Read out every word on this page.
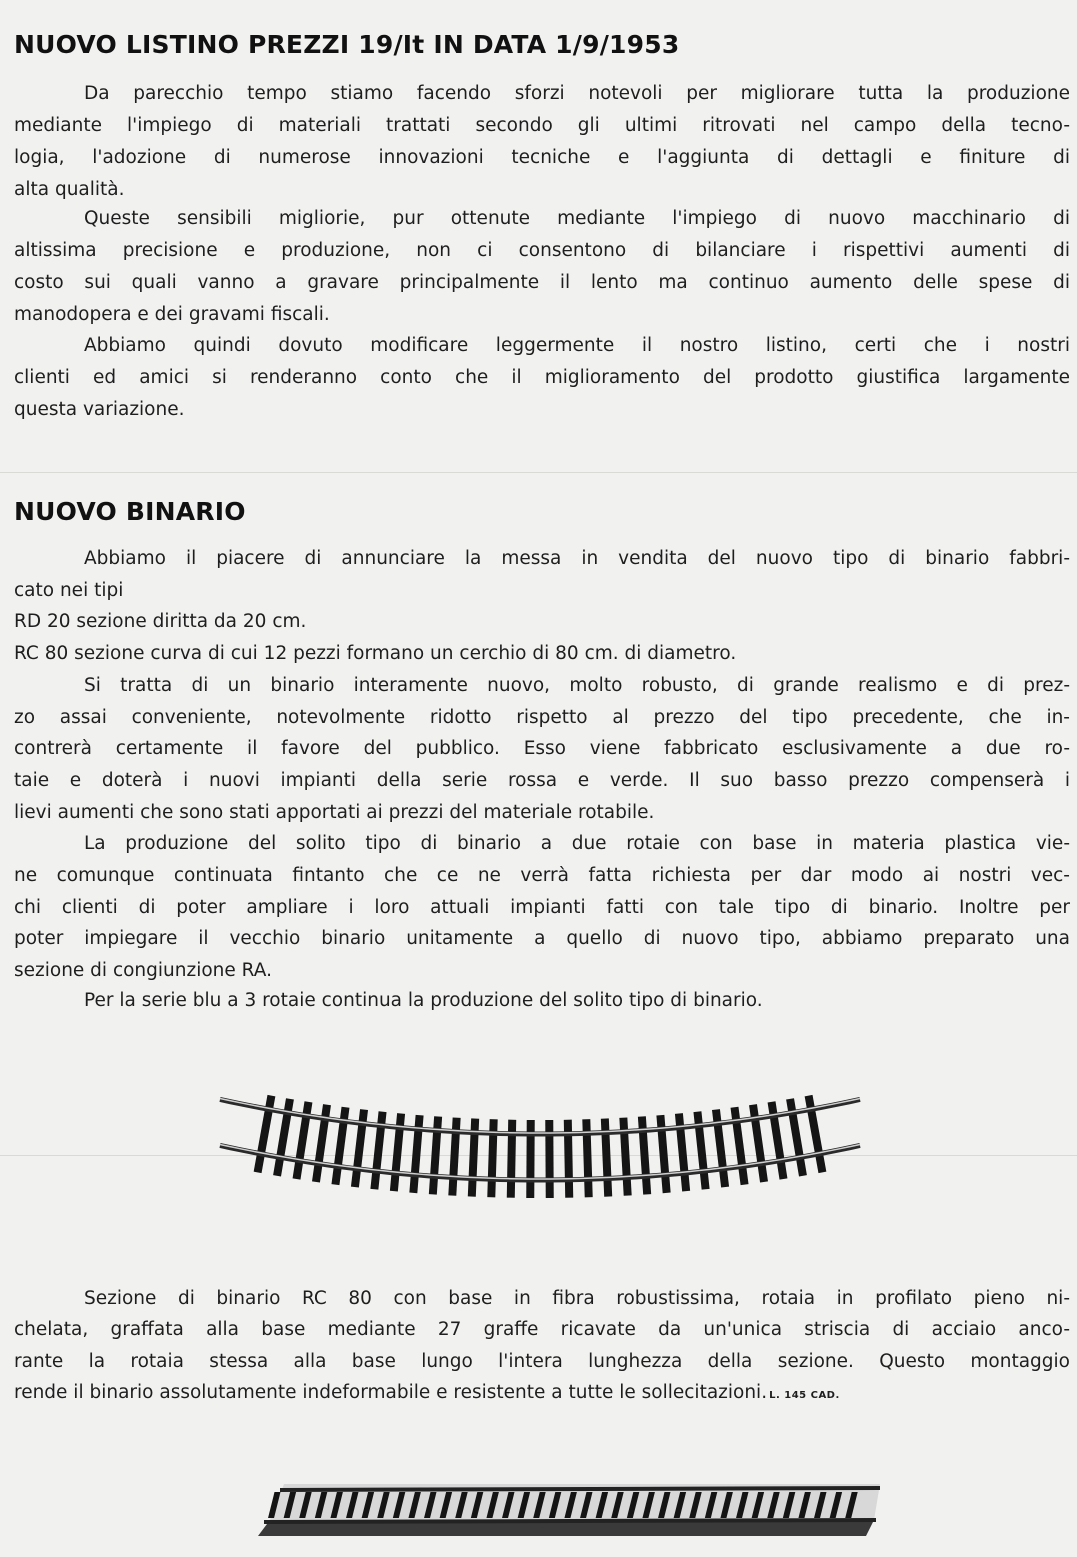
NUOVO LISTINO PREZZI 19/It IN DATA 1/9/1953
Da parecchio tempo stiamo facendo sforzi notevoli per migliorare tutta la produzione
mediante l'impiego di materiali trattati secondo gli ultimi ritrovati nel campo della tecno-
logia, l'adozione di numerose innovazioni tecniche e l'aggiunta di dettagli e finiture di
alta qualità.
Queste sensibili migliorie, pur ottenute mediante l'impiego di nuovo macchinario di
altissima precisione e produzione, non ci consentono di bilanciare i rispettivi aumenti di
costo sui quali vanno a gravare principalmente il lento ma continuo aumento delle spese di
manodopera e dei gravami fiscali.
Abbiamo quindi dovuto modificare leggermente il nostro listino, certi che i nostri
clienti ed amici si renderanno conto che il miglioramento del prodotto giustifica largamente
questa variazione.
NUOVO BINARIO
Abbiamo il piacere di annunciare la messa in vendita del nuovo tipo di binario fabbri-
cato nei tipi
RD 20 sezione diritta da 20 cm.
RC 80 sezione curva di cui 12 pezzi formano un cerchio di 80 cm. di diametro.
Si tratta di un binario interamente nuovo, molto robusto, di grande realismo e di prez-
zo assai conveniente, notevolmente ridotto rispetto al prezzo del tipo precedente, che in-
contrerà certamente il favore del pubblico. Esso viene fabbricato esclusivamente a due ro-
taie e doterà i nuovi impianti della serie rossa e verde. Il suo basso prezzo compenserà i
lievi aumenti che sono stati apportati ai prezzi del materiale rotabile.
La produzione del solito tipo di binario a due rotaie con base in materia plastica vie-
ne comunque continuata fintanto che ce ne verrà fatta richiesta per dar modo ai nostri vec-
chi clienti di poter ampliare i loro attuali impianti fatti con tale tipo di binario. Inoltre per
poter impiegare il vecchio binario unitamente a quello di nuovo tipo, abbiamo preparato una
sezione di congiunzione RA.
Per la serie blu a 3 rotaie continua la produzione del solito tipo di binario.
Sezione di binario RC 80 con base in fibra robustissima, rotaia in profilato pieno ni-
chelata, graffata alla base mediante 27 graffe ricavate da un'unica striscia di acciaio anco-
rante la rotaia stessa alla base lungo l'intera lunghezza della sezione. Questo montaggio
rende il binario assolutamente indeformabile e resistente a tutte le sollecitazioni. L. 145 CAD.
